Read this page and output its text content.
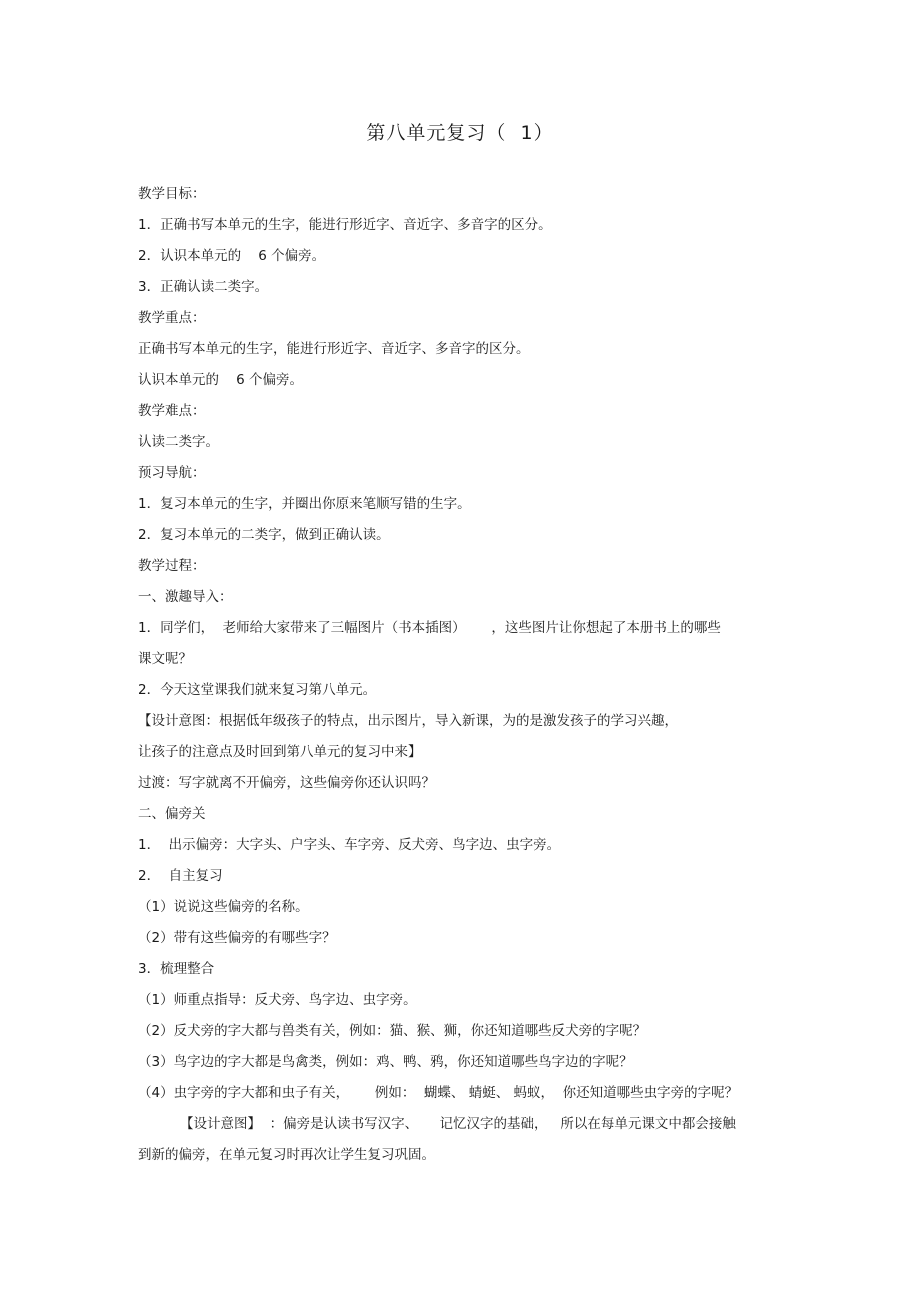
第八单元复习（  1）
教学目标：
1．正确书写本单元的生字，能进行形近字、音近字、多音字的区分。
2．认识本单元的    6 个偏旁。
3．正确认读二类字。
教学重点：
正确书写本单元的生字，能进行形近字、音近字、多音字的区分。
认识本单元的    6 个偏旁。
教学难点：
认读二类字。
预习导航：
1．复习本单元的生字，并圈出你原来笔顺写错的生字。
2．复习本单元的二类字，做到正确认读。
教学过程：
一、激趣导入：
1．同学们，  老师给大家带来了三幅图片（书本插图）      ，这些图片让你想起了本册书上的哪些
课文呢？
2．今天这堂课我们就来复习第八单元。
【设计意图：根据低年级孩子的特点，出示图片，导入新课，为的是激发孩子的学习兴趣，
让孩子的注意点及时回到第八单元的复习中来】
过渡：写字就离不开偏旁，这些偏旁你还认识吗？
二、偏旁关
1．  出示偏旁：大字头、户字头、车字旁、反犬旁、鸟字边、虫字旁。
2．  自主复习
（1）说说这些偏旁的名称。
（2）带有这些偏旁的有哪些字？
3．梳理整合
（1）师重点指导：反犬旁、鸟字边、虫字旁。
（2）反犬旁的字大都与兽类有关，例如：猫、猴、狮，你还知道哪些反犬旁的字呢？
（3）鸟字边的字大都是鸟禽类，例如：鸡、鸭、鸦，你还知道哪些鸟字边的字呢？
（4）虫字旁的字大都和虫子有关，      例如：  蝴蝶、 蜻蜓、 蚂蚁，  你还知道哪些虫字旁的字呢？
【设计意图】  ：偏旁是认读书写汉字、     记忆汉字的基础，   所以在每单元课文中都会接触
到新的偏旁，在单元复习时再次让学生复习巩固。
